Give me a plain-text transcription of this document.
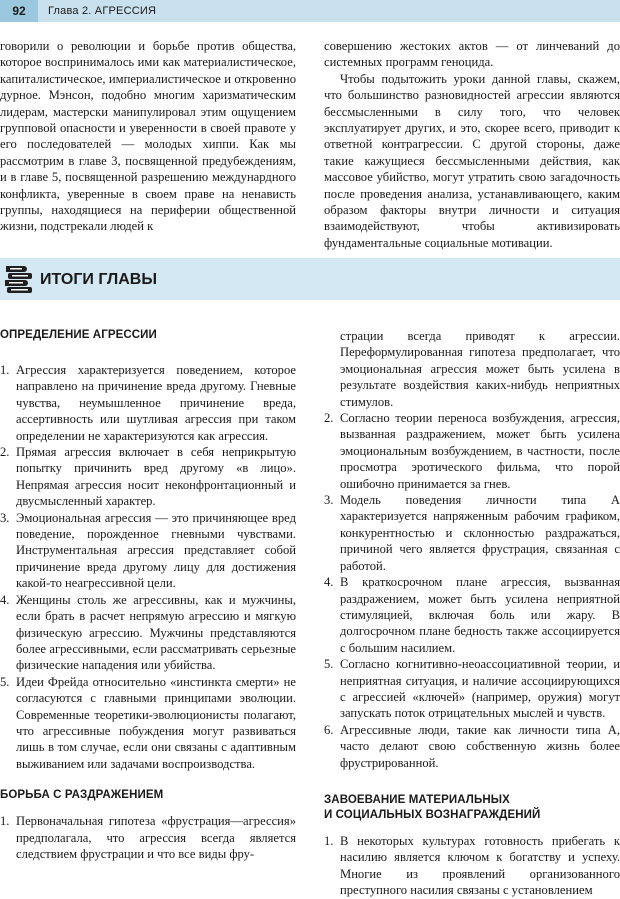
92	Глава 2. АГРЕССИЯ

говорили о революции и борьбе против общества, которое воспринималось ими как материалистическое, капиталистическое, империалистическое и откровенно дурное. Мэнсон, подобно многим харизматическим лидерам, мастерски манипулировал этим ощущением групповой опасности и уверенности в своей правоте у его последователей — молодых хиппи. Как мы рассмотрим в главе 3, посвященной предубеждениям, и в главе 5, посвященной разрешению междунардного конфликта, уверенные в своем праве на ненависть группы, находящиеся на периферии общественной жизни, подстрекали людей к

совершению жестоких актов — от линчеваний до системных программ геноцида.

Чтобы подытожить уроки данной главы, скажем, что большинство разновидностей агрессии являются бессмысленными в силу того, что человек эксплуатирует других, и это, скорее всего, приводит к ответной контрагрессии. С другой стороны, даже такие кажущиеся бессмысленными действия, как массовое убийство, могут утратить свою загадочность после проведения анализа, устанавливающего, каким образом факторы внутри личности и ситуация взаимодействуют, чтобы активизировать фундаментальные социальные мотивации.

ИТОГИ ГЛАВЫ

ОПРЕДЕЛЕНИЕ АГРЕССИИ

1. Агрессия характеризуется поведением, которое направлено на причинение вреда другому. Гневные чувства, неумышленное причинение вреда, ассертивность или шутливая агрессия при таком определении не характеризуются как агрессия.
2. Прямая агрессия включает в себя неприкрытую попытку причинить вред другому «в лицо». Непрямая агрессия носит неконфронтационный и двусмысленный характер.
3. Эмоциональная агрессия — это причиняющее вред поведение, порожденное гневными чувствами. Инструментальная агрессия представляет собой причинение вреда другому лицу для достижения какой-то неагрессивной цели.
4. Женщины столь же агрессивны, как и мужчины, если брать в расчет непрямую агрессию и мягкую физическую агрессию. Мужчины представляются более агрессивными, если рассматривать серьезные физические нападения или убийства.
5. Идеи Фрейда относительно «инстинкта смерти» не согласуются с главными принципами эволюции. Современные теоретики-эволюционисты полагают, что агрессивные побуждения могут развиваться лишь в том случае, если они связаны с адаптивным выживанием или задачами воспроизводства.

БОРЬБА С РАЗДРАЖЕНИЕМ

1. Первоначальная гипотеза «фрустрация—агрессия» предполагала, что агрессия всегда является следствием фрустрации и что все виды фру-

страции всегда приводят к агрессии. Переформулированная гипотеза предполагает, что эмоциональная агрессия может быть усилена в результате воздействия каких-нибудь неприятных стимулов.

2. Согласно теории переноса возбуждения, агрессия, вызванная раздражением, может быть усилена эмоциональным возбуждением, в частности, после просмотра эротического фильма, что порой ошибочно принимается за гнев.
3. Модель поведения личности типа А характеризуется напряженным рабочим графиком, конкурентностью и склонностью раздражаться, причиной чего является фрустрация, связанная с работой.
4. В краткосрочном плане агрессия, вызванная раздражением, может быть усилена неприятной стимуляцией, включая боль или жару. В долгосрочном плане бедность также ассоциируется с большим насилием.
5. Согласно когнитивно-неоассоциативной теории, и неприятная ситуация, и наличие ассоциирующихся с агрессией «ключей» (например, оружия) могут запускать поток отрицательных мыслей и чувств.
6. Агрессивные люди, такие как личности типа А, часто делают свою собственную жизнь более фрустрированной.

ЗАВОЕВАНИЕ МАТЕРИАЛЬНЫХ
И СОЦИАЛЬНЫХ ВОЗНАГРАЖДЕНИЙ

1. В некоторых культурах готовность прибегать к насилию является ключом к богатству и успеху. Многие из проявлений организованного преступного насилия связаны с установлением
